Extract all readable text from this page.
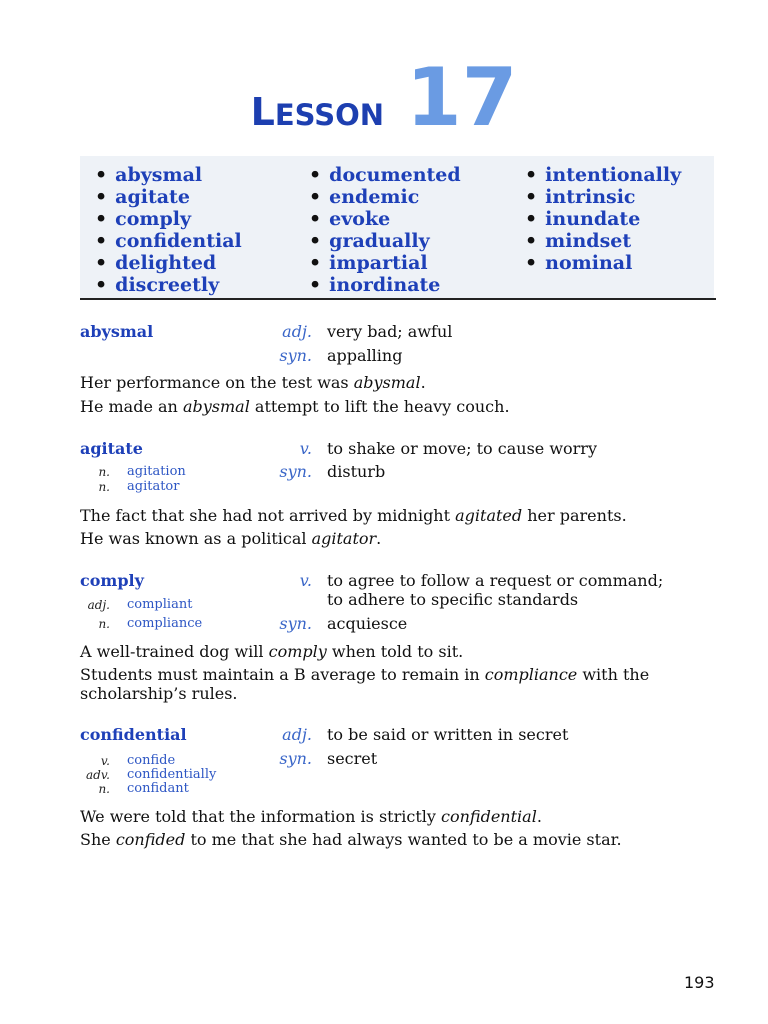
LESSON 17
• abysmal
• agitate
• comply
• confidential
• delighted
• discreetly
• documented
• endemic
• evoke
• gradually
• impartial
• inordinate
• intentionally
• intrinsic
• inundate
• mindset
• nominal
abysmal	adj. very bad; awful
syn. appalling
Her performance on the test was abysmal.
He made an abysmal attempt to lift the heavy couch.
agitate	v. to shake or move; to cause worry
syn. disturb
n. agitation
n. agitator
The fact that she had not arrived by midnight agitated her parents.
He was known as a political agitator.
comply	v. to agree to follow a request or command;
to adhere to specific standards
syn. acquiesce
adj. compliant
n. compliance
A well-trained dog will comply when told to sit.
Students must maintain a B average to remain in compliance with the scholarship’s rules.
confidential	adj. to be said or written in secret
syn. secret
v. confide
adv. confidentially
n. confidant
We were told that the information is strictly confidential.
She confided to me that she had always wanted to be a movie star.
193
